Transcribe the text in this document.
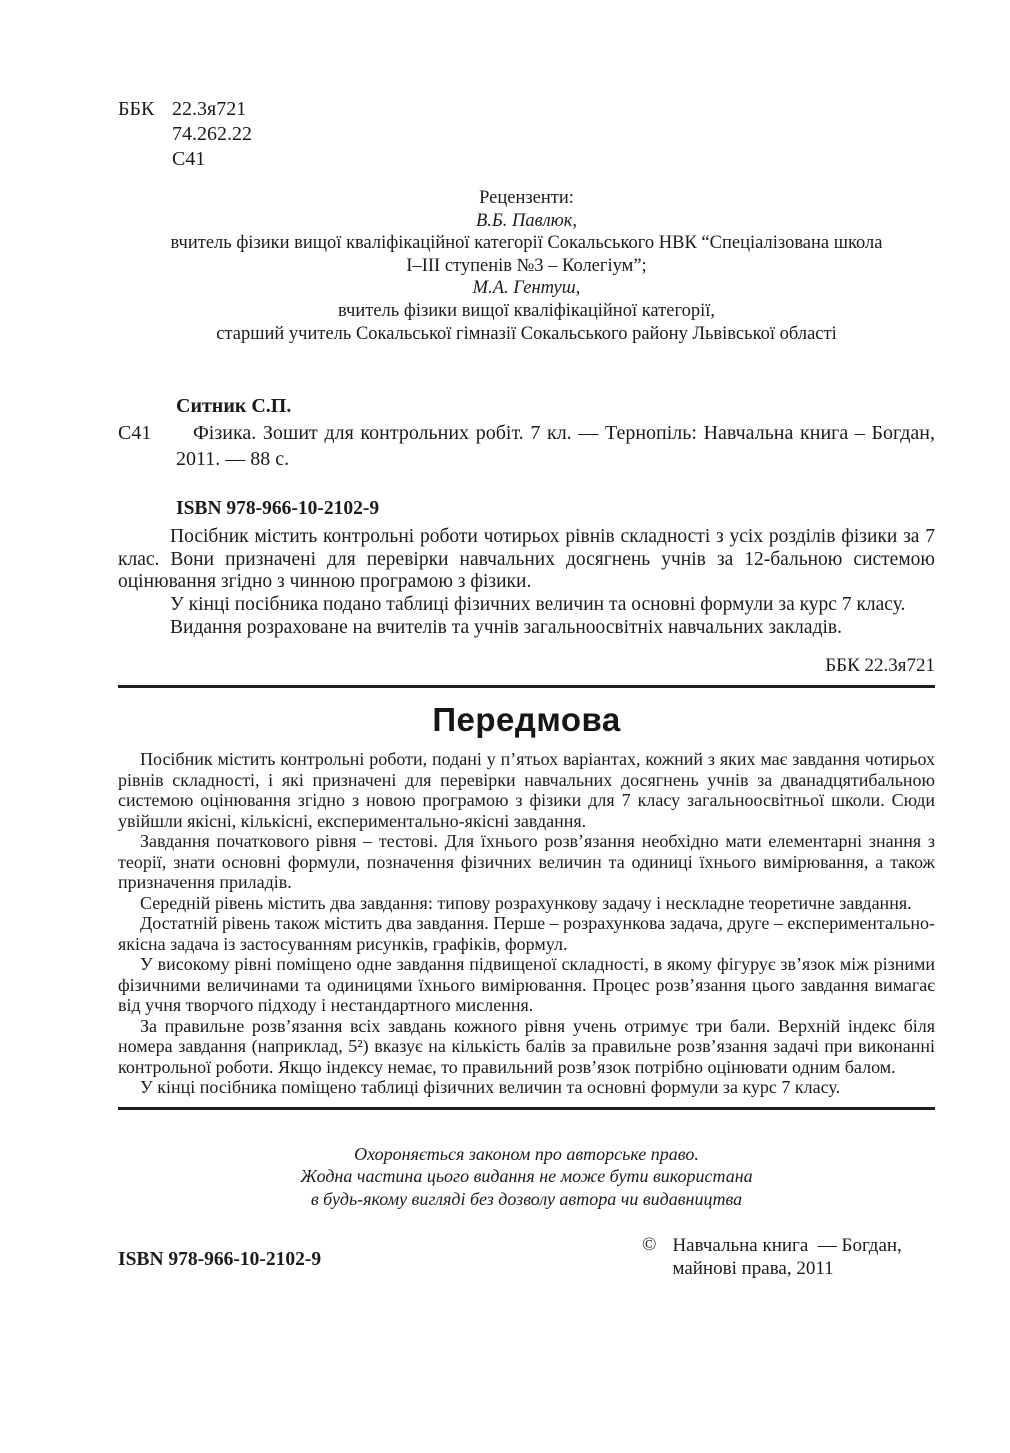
ББК 22.3я721
74.262.22
С41
Рецензенти:
В.Б. Павлюк,
вчитель фізики вищої кваліфікаційної категорії Сокальського НВК “Спеціалізована школа
І–ІІІ ступенів №3 – Колегіум”;
М.А. Гентуш,
вчитель фізики вищої кваліфікаційної категорії,
старший учитель Сокальської гімназії Сокальського району Львівської області
Ситник С.П.
С41	Фізика. Зошит для контрольних робіт. 7 кл. — Тернопіль: Навчальна книга – Богдан, 2011. — 88 с.

ISBN 978-966-10-2102-9

Посібник містить контрольні роботи чотирьох рівнів складності з усіх розділів фізики за 7 клас. Вони призначені для перевірки навчальних досягнень учнів за 12-бальною системою оцінювання згідно з чинною програмою з фізики.

У кінці посібника подано таблиці фізичних величин та основні формули за курс 7 класу.

Видання розраховане на вчителів та учнів загальноосвітніх навчальних закладів.

ББК 22.3я721
Передмова

Посібник містить контрольні роботи, подані у п’ятьох варіантах, кожний з яких має завдання чотирьох рівнів складності, і які призначені для перевірки навчальних досягнень учнів за дванадцятибальною системою оцінювання згідно з новою програмою з фізики для 7 класу загальноосвітньої школи. Сюди увійшли якісні, кількісні, експериментально-якісні завдання.

Завдання початкового рівня – тестові. Для їхнього розв’язання необхідно мати елементарні знання з теорії, знати основні формули, позначення фізичних величин та одиниці їхнього вимірювання, а також призначення приладів.

Середній рівень містить два завдання: типову розрахункову задачу і нескладне теоретичне завдання.

Достатній рівень також містить два завдання. Перше – розрахункова задача, друге – експериментально-якісна задача із застосуванням рисунків, графіків, формул.

У високому рівні поміщено одне завдання підвищеної складності, в якому фігурує зв’язок між різними фізичними величинами та одиницями їхнього вимірювання. Процес розв’язання цього завдання вимагає від учня творчого підходу і нестандартного мислення.

За правильне розв’язання всіх завдань кожного рівня учень отримує три бали. Верхній індекс біля номера завдання (наприклад, 5²) вказує на кількість балів за правильне розв’язання задачі при виконанні контрольної роботи. Якщо індексу немає, то правильний розв’язок потрібно оцінювати одним балом.

У кінці посібника поміщено таблиці фізичних величин та основні формули за курс 7 класу.

Охороняється законом про авторське право.
Жодна частина цього видання не може бути використана
в будь-якому вигляді без дозволу автора чи видавництва
ISBN 978-966-10-2102-9
© Навчальна книга  — Богдан,
майнові права, 2011
